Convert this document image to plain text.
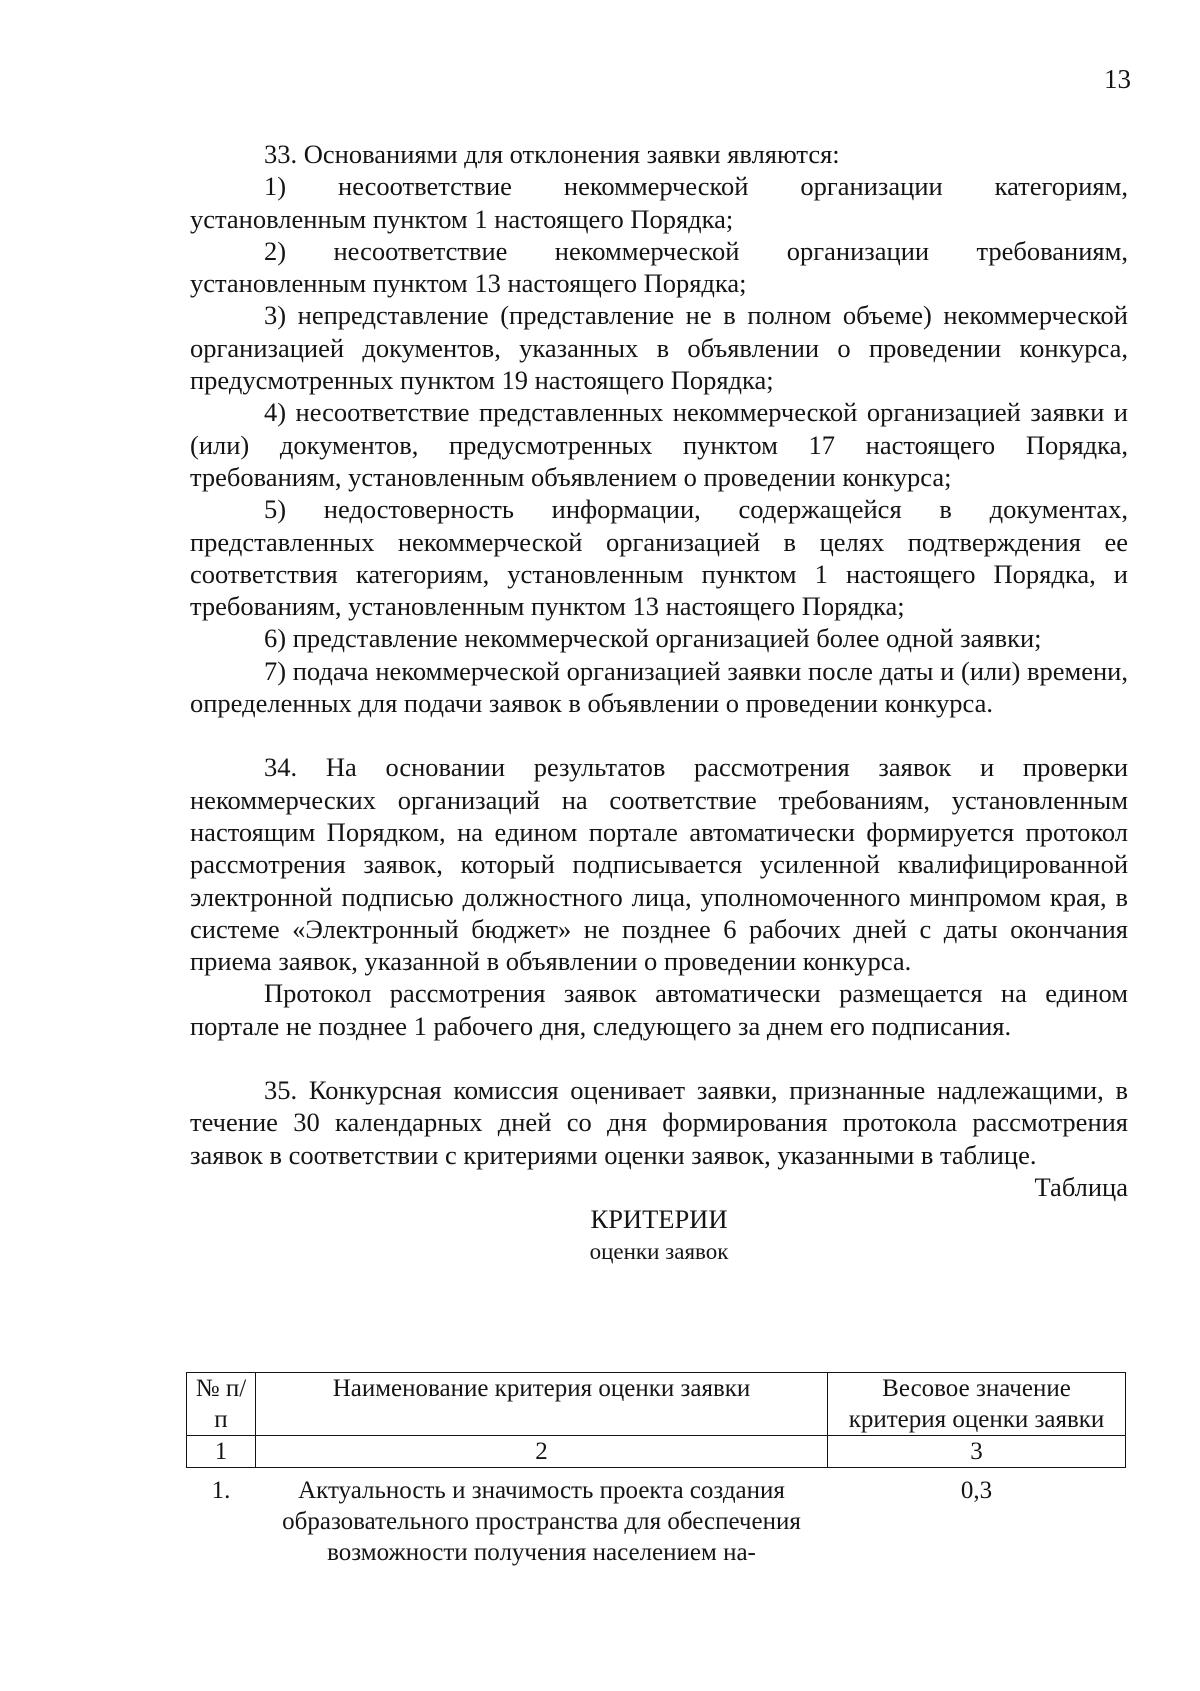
13

33. Основаниями для отклонения заявки являются:

1) несоответствие некоммерческой организации категориям, установленным пунктом 1 настоящего Порядка;

2) несоответствие некоммерческой организации требованиям, установленным пунктом 13 настоящего Порядка;

3) непредставление (представление не в полном объеме) некоммерческой организацией документов, указанных в объявлении о проведении конкурса, предусмотренных пунктом 19 настоящего Порядка;

4) несоответствие представленных некоммерческой организацией заявки и (или) документов, предусмотренных пунктом 17 настоящего Порядка, требованиям, установленным объявлением о проведении конкурса;

5) недостоверность информации, содержащейся в документах, представленных некоммерческой организацией в целях подтверждения ее соответствия категориям, установленным пунктом 1 настоящего Порядка, и требованиям, установленным пунктом 13 настоящего Порядка;

6) представление некоммерческой организацией более одной заявки;

7) подача некоммерческой организацией заявки после даты и (или) времени, определенных для подачи заявок в объявлении о проведении конкурса.

34. На основании результатов рассмотрения заявок и проверки некоммерческих организаций на соответствие требованиям, установленным настоящим Порядком, на едином портале автоматически формируется протокол рассмотрения заявок, который подписывается усиленной квалифицированной электронной подписью должностного лица, уполномоченного минпромом края, в системе «Электронный бюджет» не позднее 6 рабочих дней с даты окончания приема заявок, указанной в объявлении о проведении конкурса.

Протокол рассмотрения заявок автоматически размещается на едином портале не позднее 1 рабочего дня, следующего за днем его подписания.

35. Конкурсная комиссия оценивает заявки, признанные надлежащими, в течение 30 календарных дней со дня формирования протокола рассмотрения заявок в соответствии с критериями оценки заявок, указанными в таблице.

Таблица

КРИТЕРИИ

оценки заявок

№ п/п	Наименование критерия оценки заявки	Весовое значение критерия оценки заявки
1	2	3
1.	Актуальность и значимость проекта создания образовательного пространства для обеспечения возможности получения населением на-	0,3
